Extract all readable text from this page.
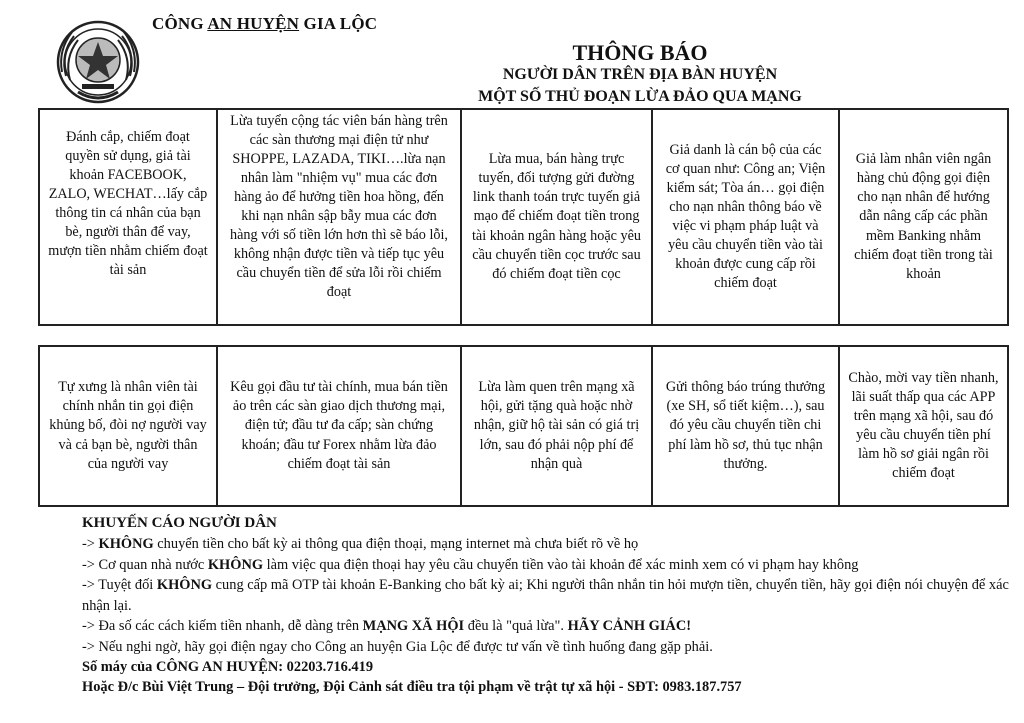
CÔNG AN HUYỆN GIA LỘC
THÔNG BÁO
NGƯỜI DÂN TRÊN ĐỊA BÀN HUYỆN
MỘT SỐ THỦ ĐOẠN LỪA ĐẢO QUA MẠNG
Đánh cắp, chiếm đoạt quyền sử dụng, giả tài khoản FACEBOOK, ZALO, WECHAT…lấy cắp thông tin cá nhân của bạn bè, người thân để vay, mượn tiền nhằm chiếm đoạt tài sản
Lừa tuyển cộng tác viên bán hàng trên các sàn thương mại điện tử như SHOPPE, LAZADA, TIKI….lừa nạn nhân làm "nhiệm vụ" mua các đơn hàng ảo để hưởng tiền hoa hồng, đến khi nạn nhân sập bẫy mua các đơn hàng với số tiền lớn hơn thì sẽ báo lỗi, không nhận được tiền và tiếp tục yêu cầu chuyển tiền để sửa lỗi rồi chiếm đoạt
Lừa mua, bán hàng trực tuyến, đối tượng gửi đường link thanh toán trực tuyến giả mạo để chiếm đoạt tiền trong tài khoản ngân hàng hoặc yêu cầu chuyển tiền cọc trước sau đó chiếm đoạt tiền cọc
Giả danh là cán bộ của các cơ quan như: Công an; Viện kiểm sát; Tòa án… gọi điện cho nạn nhân thông báo về việc vi phạm pháp luật và yêu cầu chuyển tiền vào tài khoản được cung cấp rồi chiếm đoạt
Giả làm nhân viên ngân hàng chủ động gọi điện cho nạn nhân để hướng dẫn nâng cấp các phần mềm Banking nhằm chiếm đoạt tiền trong tài khoản
Tự xưng là nhân viên tài chính nhắn tin gọi điện khủng bố, đòi nợ người vay và cả bạn bè, người thân của người vay
Kêu gọi đầu tư tài chính, mua bán tiền ảo trên các sàn giao dịch thương mại, điện tử; đầu tư đa cấp; sàn chứng khoán; đầu tư Forex nhằm lừa đảo chiếm đoạt tài sản
Lừa làm quen trên mạng xã hội, gửi tặng quà hoặc nhờ nhận, giữ hộ tài sản có giá trị lớn, sau đó phải nộp phí để nhận quà
Gửi thông báo trúng thưởng (xe SH, sổ tiết kiệm…), sau đó yêu cầu chuyển tiền chi phí làm hồ sơ, thủ tục nhận thưởng.
Chào, mời vay tiền nhanh, lãi suất thấp qua các APP trên mạng xã hội, sau đó yêu cầu chuyển tiền phí làm hồ sơ giải ngân rồi chiếm đoạt

KHUYẾN CÁO NGƯỜI DÂN

-> KHÔNG chuyển tiền cho bất kỳ ai thông qua điện thoại, mạng internet mà chưa biết rõ về họ

-> Cơ quan nhà nước KHÔNG làm việc qua điện thoại hay yêu cầu chuyển tiền vào tài khoản để xác minh xem có vi phạm hay không

-> Tuyệt đối KHÔNG cung cấp mã OTP tài khoản E-Banking cho bất kỳ ai; Khi người thân nhắn tin hỏi mượn tiền, chuyển tiền, hãy gọi điện nói chuyện để xác nhận lại.

-> Đa số các cách kiếm tiền nhanh, dễ dàng trên MẠNG XÃ HỘI đều là "quả lừa". HÃY CẢNH GIÁC!

-> Nếu nghi ngờ, hãy gọi điện ngay cho Công an huyện Gia Lộc để được tư vấn về tình huống đang gặp phải.

Số máy của CÔNG AN HUYỆN: 02203.716.419

Hoặc Đ/c Bùi Việt Trung – Đội trưởng, Đội Cảnh sát điều tra tội phạm về trật tự xã hội - SĐT: 0983.187.757
